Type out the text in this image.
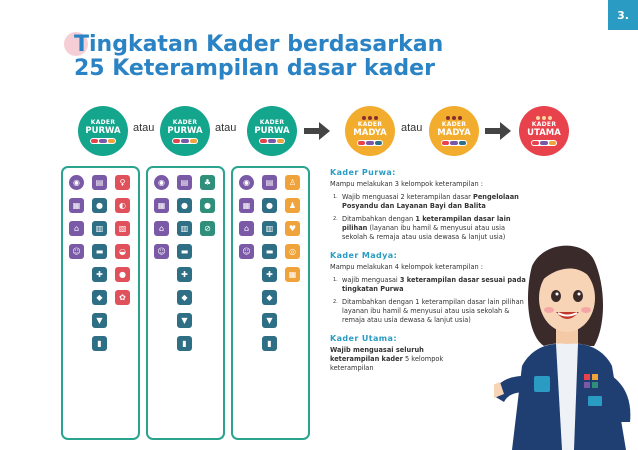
3.
Tingkatan Kader berdasarkan
25 Keterampilan dasar kader
KADER
PURWA atau	KADER
PURWA atau	KADER
PURWA
KADER
MADYA atau	KADER
MADYA
KADER
UTAMA
◉	▤	♀
▦	●	◐
⌂	▥	▧
☺	▬	◒
✚	●
◆	✿
▼
▮
◉	▤	♣
▦	●	●
⌂	▥	⊘
☺	▬
✚
◆
▼
▮
◉	▤	♙
▦	●	♟
⌂	▥	♥
☺	▬	◎
✚	▦
◆
▼
▮
Kader Purwa:
Mampu melakukan 3 kelompok keterampilan :
1. Wajib menguasai 2 keterampilan dasar Pengelolaan Posyandu dan Layanan Bayi dan Balita
2. Ditambahkan dengan 1 keterampilan dasar lain pilihan (layanan ibu hamil & menyusui atau usia sekolah & remaja atau usia dewasa & lanjut usia)
Kader Madya:
Mampu melakukan 4 kelompok keterampilan :
1. wajib menguasai 3 keterampilan dasar sesuai pada tingkatan Purwa
2. Ditambahkan dengan 1 keterampilan dasar lain pilihan layanan ibu hamil & menyusui atau usia sekolah & remaja atau usia dewasa & lanjut usia)
Kader Utama:
Wajib menguasai seluruh keterampilan kader 5 kelompok keterampilan
